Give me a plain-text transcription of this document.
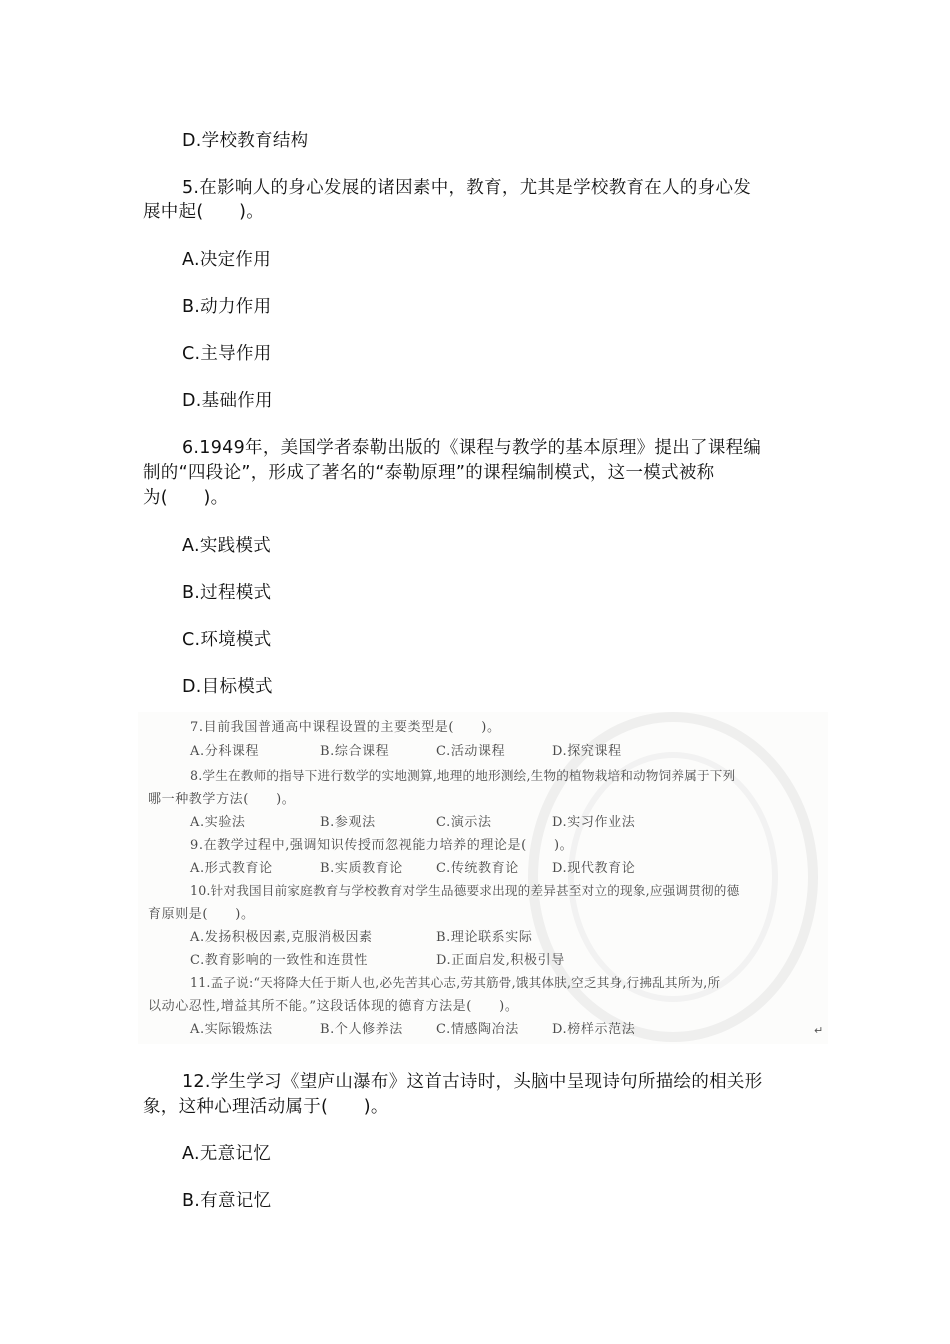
D.学校教育结构
5.在影响人的身心发展的诸因素中，教育，尤其是学校教育在人的身心发
展中起(　　)。
A.决定作用
B.动力作用
C.主导作用
D.基础作用
6.1949年，美国学者泰勒出版的《课程与教学的基本原理》提出了课程编
制的“四段论”，形成了著名的“泰勒原理”的课程编制模式，这一模式被称
为(　　)。
A.实践模式
B.过程模式
C.环境模式
D.目标模式
7.目前我国普通高中课程设置的主要类型是(　　)。
A.分科课程	B.综合课程	C.活动课程	D.探究课程
8.学生在教师的指导下进行数学的实地测算,地理的地形测绘,生物的植物栽培和动物饲养属于下列
哪一种教学方法(　　)。
A.实验法	B.参观法	C.演示法	D.实习作业法
9.在教学过程中,强调知识传授而忽视能力培养的理论是(　　)。
A.形式教育论	B.实质教育论	C.传统教育论	D.现代教育论
10.针对我国目前家庭教育与学校教育对学生品德要求出现的差异甚至对立的现象,应强调贯彻的德
育原则是(　　)。
A.发扬积极因素,克服消极因素	B.理论联系实际
C.教育影响的一致性和连贯性	D.正面启发,积极引导
11.孟子说:“天将降大任于斯人也,必先苦其心志,劳其筋骨,饿其体肤,空乏其身,行拂乱其所为,所
以动心忍性,增益其所不能。”这段话体现的德育方法是(　　)。
A.实际锻炼法	B.个人修养法	C.情感陶冶法	D.榜样示范法	↵
12.学生学习《望庐山瀑布》这首古诗时，头脑中呈现诗句所描绘的相关形
象，这种心理活动属于(　　)。
A.无意记忆
B.有意记忆
